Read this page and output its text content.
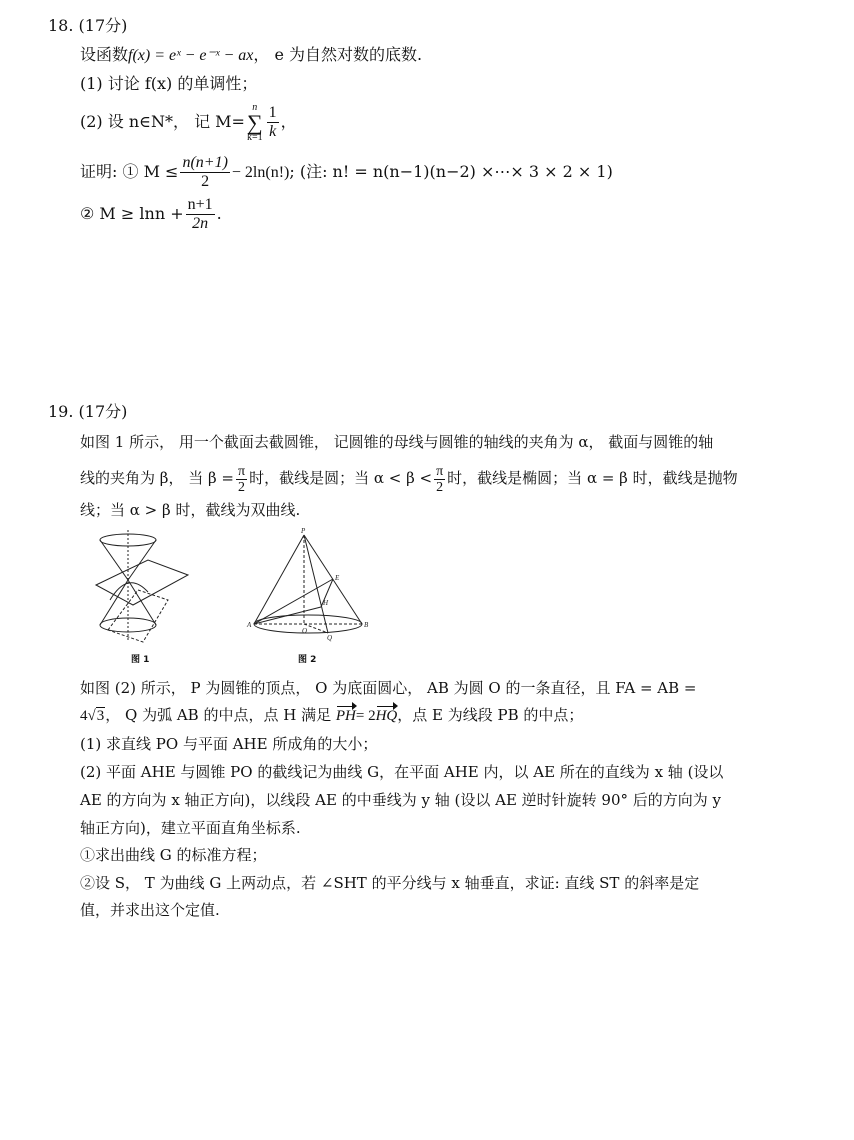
18. (17分)
设函数f(x) = eˣ − e⁻ˣ − ax， e 为自然对数的底数.
(1) 讨论 f(x) 的单调性；
(2) 设 n∈N*， 记 M=
n
∑
$k=1 \frac{1}{k}$ ，
证明: ① $M \le \frac{n(n+1)}{2} - 2\ln(n!)$; (注: n! = n(n−1)(n−2) ×⋯× 3 × 2 × 1)
② $M \ge \ln n + \frac{n+1}{2n}$ .
19. (17分)
如图 1 所示， 用一个截面去截圆锥， 记圆锥的母线与圆锥的轴线的夹角为 α， 截面与圆锥的轴
线的夹角为 β， 当 $\beta = \frac{\pi}{2}$ 时，截线是圆；当 $\alpha < \beta < \frac{\pi}{2}$ 时，截线是椭圆；当 α = β 时，截线是抛物
线；当 α > β 时，截线为双曲线.
图 1
P
A	B
O
Q
E
H
图 2
如图 (2) 所示， P 为圆锥的顶点， O 为底面圆心， AB 为圆 O 的一条直径，且 FA = AB =
4√3， Q 为弧 AB 的中点，点 H 满足 PH= 2HQ，点 E 为线段 PB 的中点；
(1) 求直线 PO 与平面 AHE 所成角的大小；
(2) 平面 AHE 与圆锥 PO 的截线记为曲线 G，在平面 AHE 内，以 AE 所在的直线为 x 轴 (设以
AE 的方向为 x 轴正方向)，以线段 AE 的中垂线为 y 轴 (设以 AE 逆时针旋转 90° 后的方向为 y
轴正方向)，建立平面直角坐标系.
①求出曲线 G 的标准方程；
②设 S， T 为曲线 G 上两动点，若 ∠SHT 的平分线与 x 轴垂直，求证: 直线 ST 的斜率是定
值，并求出这个定值.
